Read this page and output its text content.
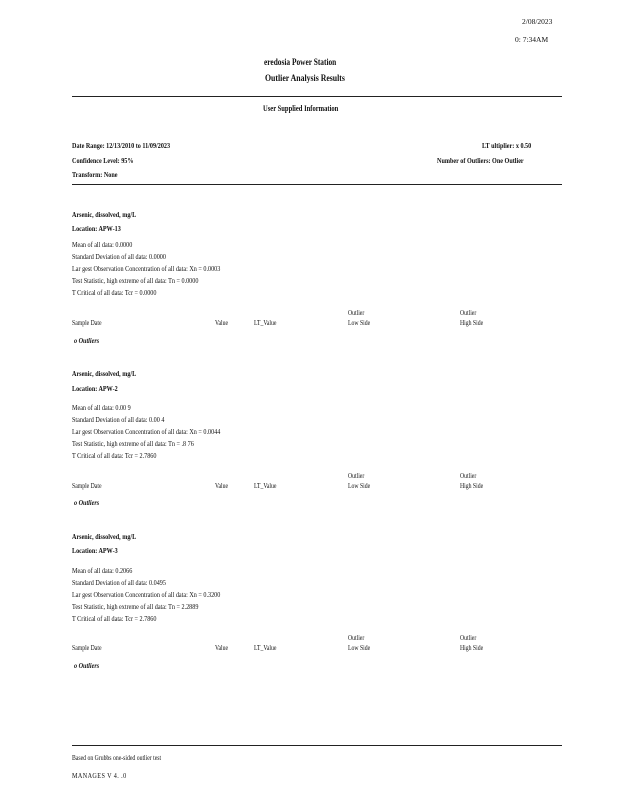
2/08/2023
0: 7:34AM
eredosia Power Station
Outlier Analysis Results
User Supplied Information
Date Range: 12/13/2010 to 11/09/2023
Confidence Level: 95%
Transform: None
LT ultiplier: x 0.50
Number of Outliers: One Outlier
Arsenic, dissolved, mg/L
Location: APW-13
Mean of all data: 0.0000
Standard Deviation of all data: 0.0000
Lar gest Observation Concentration of all data: Xn = 0.0003
Test Statistic, high extreme of all data: Tn = 0.0000
T Critical of all data: Tcr = 0.0000
Outlier	Outlier
Sample Date	Value	LT_Value	Low Side	High Side
o Outliers
Arsenic, dissolved, mg/L
Location: APW-2
Mean of all data: 0.00 9
Standard Deviation of all data: 0.00 4
Lar gest Observation Concentration of all data: Xn = 0.0044
Test Statistic, high extreme of all data: Tn = .8 76
T Critical of all data: Tcr = 2.7860
Outlier	Outlier
Sample Date	Value	LT_Value	Low Side	High Side
o Outliers
Arsenic, dissolved, mg/L
Location: APW-3
Mean of all data: 0.2066
Standard Deviation of all data: 0.0495
Lar gest Observation Concentration of all data: Xn = 0.3200
Test Statistic, high extreme of all data: Tn = 2.2889
T Critical of all data: Tcr = 2.7860
Outlier	Outlier
Sample Date	Value	LT_Value	Low Side	High Side
o Outliers
Based on Grubbs one-sided outlier test
MANAGES V 4. .0
